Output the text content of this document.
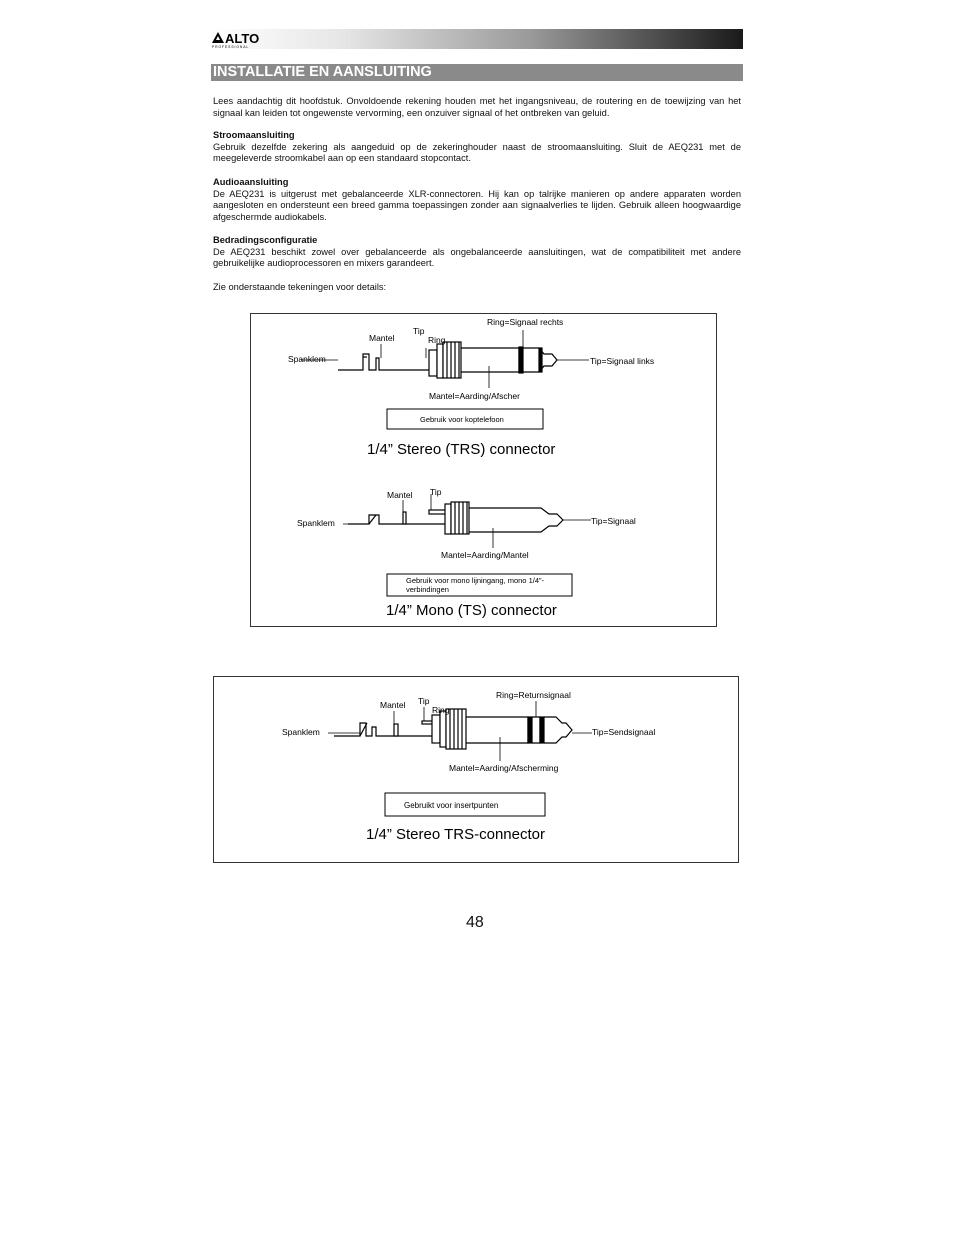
ALTO
PROFESSIONAL
INSTALLATIE EN AANSLUITING
Lees aandachtig dit hoofdstuk. Onvoldoende rekening houden met het ingangsniveau, de routering en de toewijzing van het signaal kan leiden tot ongewenste vervorming, een onzuiver signaal of het ontbreken van geluid.
Stroomaansluiting
Gebruik dezelfde zekering als aangeduid op de zekeringhouder naast de stroomaansluiting. Sluit de AEQ231 met de meegeleverde stroomkabel aan op een standaard stopcontact.
Audioaansluiting
De AEQ231 is uitgerust met gebalanceerde XLR-connectoren. Hij kan op talrijke manieren op andere apparaten worden aangesloten en ondersteunt een breed gamma toepassingen zonder aan signaalverlies te lijden. Gebruik alleen hoogwaardige afgeschermde audiokabels.
Bedradingsconfiguratie
De AEQ231 beschikt zowel over gebalanceerde als ongebalanceerde aansluitingen, wat de compatibiliteit met andere gebruikelijke audioprocessoren en mixers garandeert.
Zie onderstaande tekeningen voor details:
Mantel
Tip
Ring
Ring=Signaal rechts
Spanklem	Tip=Signaal links
Mantel=Aarding/Afscher
Gebruik voor koptelefoon
1/4” Stereo (TRS) connector
Mantel Tip
Spanklem	Tip=Signaal
Mantel=Aarding/Mantel
Gebruik voor mono lijningang, mono 1/4”-
verbindingen
1/4” Mono (TS) connector
Mantel Tip
Ring
Ring=Returnsignaal
Spanklem	Tip=Sendsignaal
Mantel=Aarding/Afscherming
Gebruikt voor insertpunten
1/4” Stereo TRS-connector
48
